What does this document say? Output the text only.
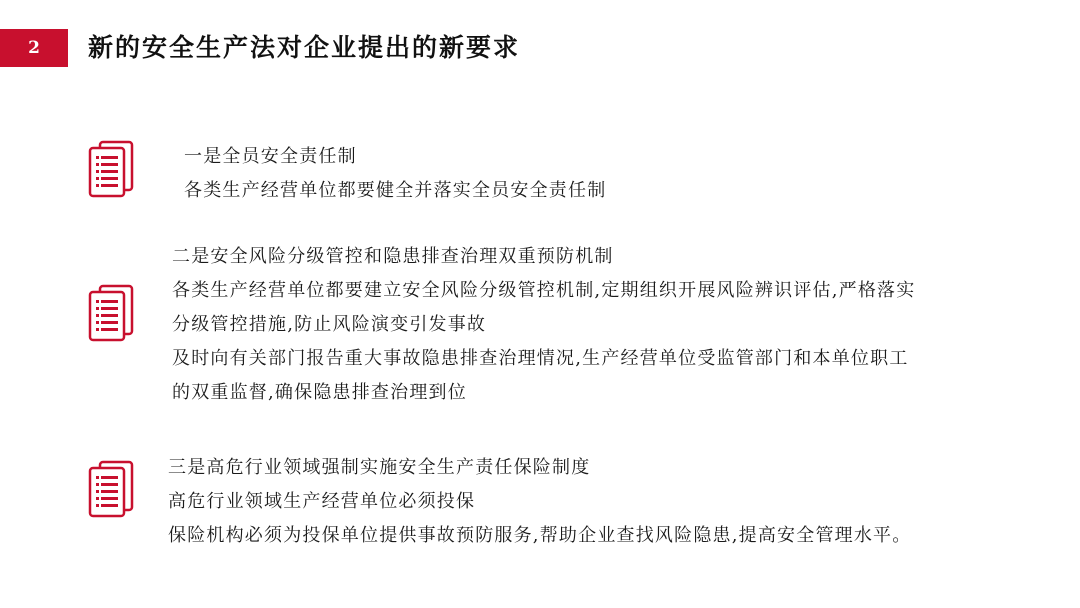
2 新的安全生产法对企业提出的新要求
一是全员安全责任制
各类生产经营单位都要健全并落实全员安全责任制
二是安全风险分级管控和隐患排查治理双重预防机制
各类生产经营单位都要建立安全风险分级管控机制,定期组织开展风险辨识评估,严格落实
分级管控措施,防止风险演变引发事故
及时向有关部门报告重大事故隐患排查治理情况,生产经营单位受监管部门和本单位职工
的双重监督,确保隐患排查治理到位
三是高危行业领域强制实施安全生产责任保险制度
高危行业领域生产经营单位必须投保
保险机构必须为投保单位提供事故预防服务,帮助企业查找风险隐患,提高安全管理水平。
